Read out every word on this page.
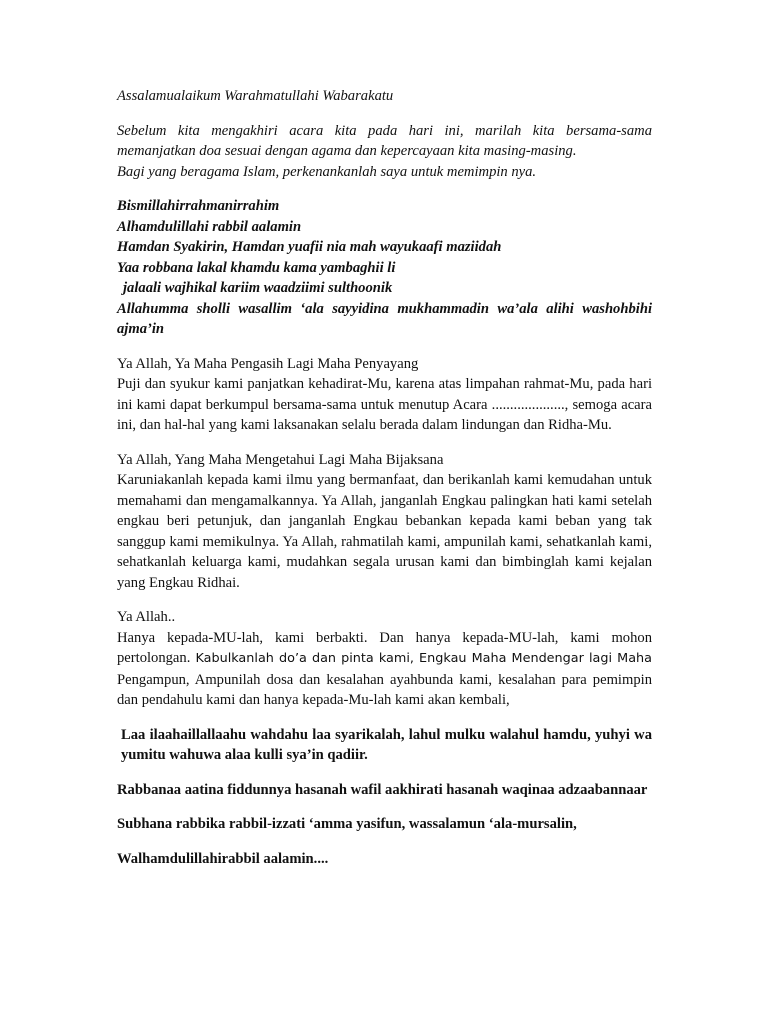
Assalamualaikum Warahmatullahi Wabarakatu

Sebelum kita mengakhiri acara kita pada hari ini, marilah kita bersama-sama memanjatkan doa sesuai dengan agama dan kepercayaan kita masing-masing.

Bagi yang beragama Islam, perkenankanlah saya untuk memimpin nya.

Bismillahirrahmanirrahim

Alhamdulillahi rabbil aalamin

Hamdan Syakirin, Hamdan yuafii nia mah wayukaafi maziidah

Yaa robbana lakal khamdu kama yambaghii li

jalaali wajhikal kariim waadziimi sulthoonik

Allahumma sholli wasallim ‘ala sayyidina mukhammadin wa’ala alihi washohbihi ajma’in

Ya Allah, Ya Maha Pengasih Lagi Maha Penyayang

Puji dan syukur kami panjatkan kehadirat-Mu, karena atas limpahan rahmat-Mu, pada hari ini kami dapat berkumpul bersama-sama untuk menutup Acara ...................., semoga acara ini, dan hal-hal yang kami laksanakan selalu berada dalam lindungan dan Ridha-Mu.

Ya Allah, Yang Maha Mengetahui Lagi Maha Bijaksana

Karuniakanlah kepada kami ilmu yang bermanfaat, dan berikanlah kami kemudahan untuk memahami dan mengamalkannya. Ya Allah, janganlah Engkau palingkan hati kami setelah engkau beri petunjuk, dan janganlah Engkau bebankan kepada kami beban yang tak sanggup kami memikulnya. Ya Allah, rahmatilah kami, ampunilah kami, sehatkanlah kami, sehatkanlah keluarga kami, mudahkan segala urusan kami dan bimbinglah kami kejalan yang Engkau Ridhai.

Ya Allah..

Hanya kepada-MU-lah, kami berbakti. Dan hanya kepada-MU-lah, kami mohon pertolongan. Kabulkanlah do’a dan pinta kami, Engkau Maha Mendengar lagi Maha Pengampun, Ampunilah dosa dan kesalahan ayahbunda kami, kesalahan para pemimpin dan pendahulu kami dan hanya kepada-Mu-lah kami akan kembali,

Laa ilaahaillallaahu wahdahu laa syarikalah, lahul mulku walahul hamdu, yuhyi wa yumitu wahuwa alaa kulli sya’in qadiir.

Rabbanaa aatina fiddunnya hasanah wafil aakhirati hasanah waqinaa adzaabannaar

Subhana rabbika rabbil-izzati ‘amma yasifun, wassalamun ‘ala-mursalin,

Walhamdulillahirabbil aalamin....
